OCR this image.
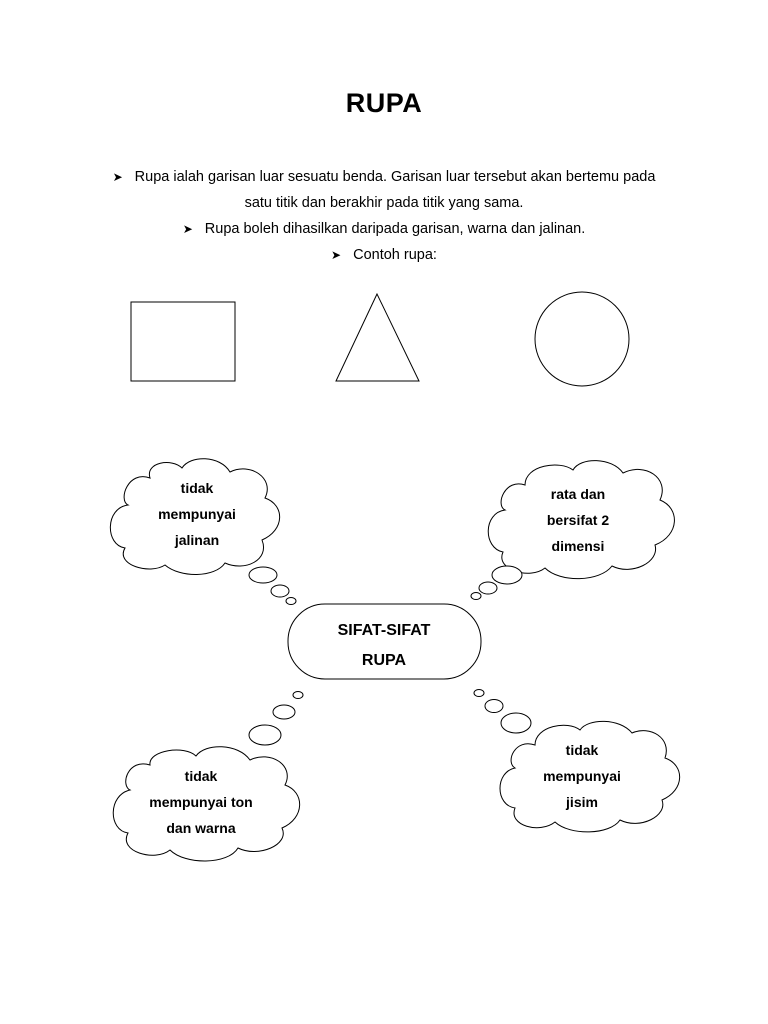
RUPA
➤ Rupa ialah garisan luar sesuatu benda. Garisan luar tersebut akan bertemu pada
satu titik dan berakhir pada titik yang sama.
➤ Rupa boleh dihasilkan daripada garisan, warna dan jalinan.
➤ Contoh rupa:
tidak
mempunyai
jalinan
rata dan
bersifat 2
dimensi
SIFAT-SIFAT
RUPA
tidak
mempunyai ton
dan warna
tidak
mempunyai
jisim
